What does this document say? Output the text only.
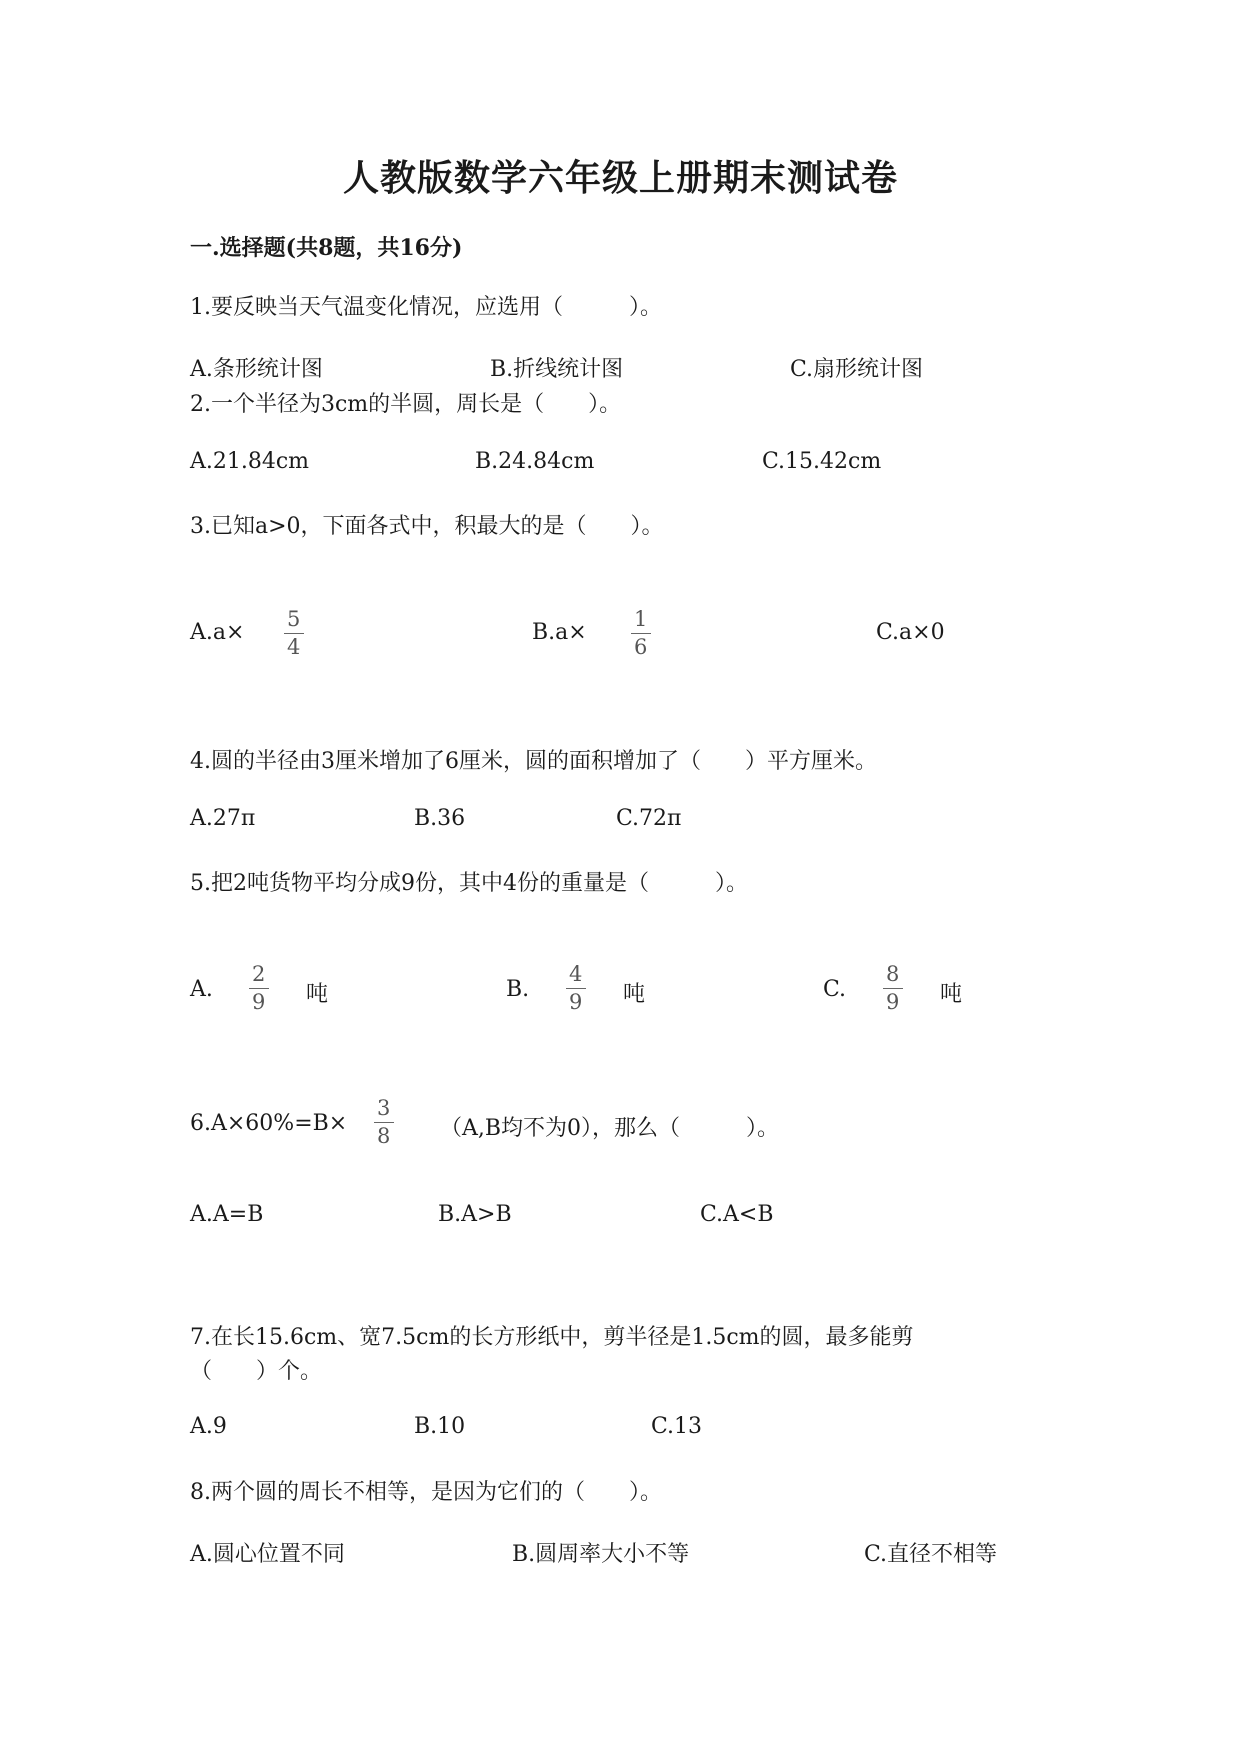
人教版数学六年级上册期末测试卷
一.选择题(共8题，共16分)
1.要反映当天气温变化情况，应选用（　　　）。
A.条形统计图	B.折线统计图	C.扇形统计图
2.一个半径为3cm的半圆，周长是（　　）。
A.21.84cm	B.24.84cm	C.15.42cm
3.已知a>0，下面各式中，积最大的是（　　）。
A.a×
5
4
B.a×
1
6
C.a×0
4.圆的半径由3厘米增加了6厘米，圆的面积增加了（　　）平方厘米。
A.27π	B.36	C.72π
5.把2吨货物平均分成9份，其中4份的重量是（　　　）。
A.
2
9 吨	B.
4
9 吨	C.
8
9 吨
6.A×60%=B×
3
8 （A,B均不为0），那么（　　　）。
A.A=B	B.A>B	C.A<B
7.在长15.6cm、宽7.5cm的长方形纸中，剪半径是1.5cm的圆，最多能剪
（　　）个。
A.9	B.10	C.13
8.两个圆的周长不相等，是因为它们的（　　）。
A.圆心位置不同	B.圆周率大小不等	C.直径不相等
